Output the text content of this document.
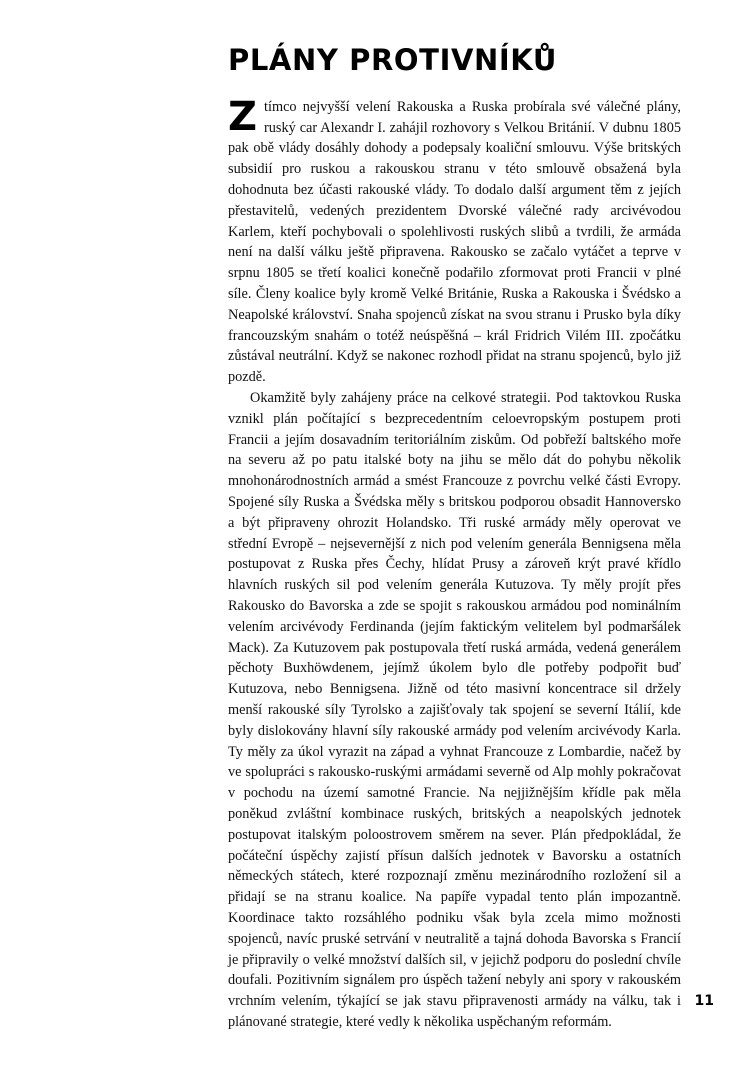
PLÁNY PROTIVNÍKŮ

Ztímco nejvyšší velení Rakouska a Ruska probírala své válečné plány, ruský car Alexandr I. zahájil rozhovory s Velkou Británií. V dubnu 1805 pak obě vlády dosáhly dohody a podepsaly koaliční smlouvu. Výše britských subsidií pro ruskou a rakouskou stranu v této smlouvě obsažená byla dohodnuta bez účasti rakouské vlády. To dodalo další argument těm z jejích přestavitelů, vedených prezidentem Dvorské válečné rady arcivévodou Karlem, kteří pochybovali o spolehlivosti ruských slibů a tvrdili, že armáda není na další válku ještě připravena. Rakousko se začalo vytáčet a teprve v srpnu 1805 se třetí koalici konečně podařilo zformovat proti Francii v plné síle. Členy koalice byly kromě Velké Británie, Ruska a Rakouska i Švédsko a Neapolské království. Snaha spojenců získat na svou stranu i Prusko byla díky francouzským snahám o totéž neúspěšná – král Fridrich Vilém III. zpočátku zůstával neutrální. Když se nakonec rozhodl přidat na stranu spojenců, bylo již pozdě.

Okamžitě byly zahájeny práce na celkové strategii. Pod taktovkou Ruska vznikl plán počítající s bezprecedentním celoevropským postupem proti Francii a jejím dosavadním teritoriálním ziskům. Od pobřeží baltského moře na severu až po patu italské boty na jihu se mělo dát do pohybu několik mnohonárodnostních armád a smést Francouze z povrchu velké části Evropy. Spojené síly Ruska a Švédska měly s britskou podporou obsadit Hannoversko a být připraveny ohrozit Holandsko. Tři ruské armády měly operovat ve střední Evropě – nejsevernější z nich pod velením generála Bennigsena měla postupovat z Ruska přes Čechy, hlídat Prusy a zároveň krýt pravé křídlo hlavních ruských sil pod velením generála Kutuzova. Ty měly projít přes Rakousko do Bavorska a zde se spojit s rakouskou armádou pod nominálním velením arcivévody Ferdinanda (jejím faktickým velitelem byl podmaršálek Mack). Za Kutuzovem pak postupovala třetí ruská armáda, vedená generálem pěchoty Buxhöwdenem, jejímž úkolem bylo dle potřeby podpořit buď Kutuzova, nebo Bennigsena. Jižně od této masivní koncentrace sil držely menší rakouské síly Tyrolsko a zajišťovaly tak spojení se severní Itálií, kde byly dislokovány hlavní síly rakouské armády pod velením arcivévody Karla. Ty měly za úkol vyrazit na západ a vyhnat Francouze z Lombardie, načež by ve spolupráci s rakousko-ruskými armádami severně od Alp mohly pokračovat v pochodu na území samotné Francie. Na nejjižnějším křídle pak měla poněkud zvláštní kombinace ruských, britských a neapolských jednotek postupovat italským poloostrovem směrem na sever. Plán předpokládal, že počáteční úspěchy zajistí přísun dalších jednotek v Bavorsku a ostatních německých státech, které rozpoznají změnu mezinárodního rozložení sil a přidají se na stranu koalice. Na papíře vypadal tento plán impozantně. Koordinace takto rozsáhlého podniku však byla zcela mimo možnosti spojenců, navíc pruské setrvání v neutralitě a tajná dohoda Bavorska s Francií je připravily o velké množství dalších sil, v jejichž podporu do poslední chvíle doufali. Pozitivním signálem pro úspěch tažení nebyly ani spory v rakouském vrchním velením, týkající se jak stavu připravenosti armády na válku, tak i plánované strategie, které vedly k několika uspěchaným reformám.

11
